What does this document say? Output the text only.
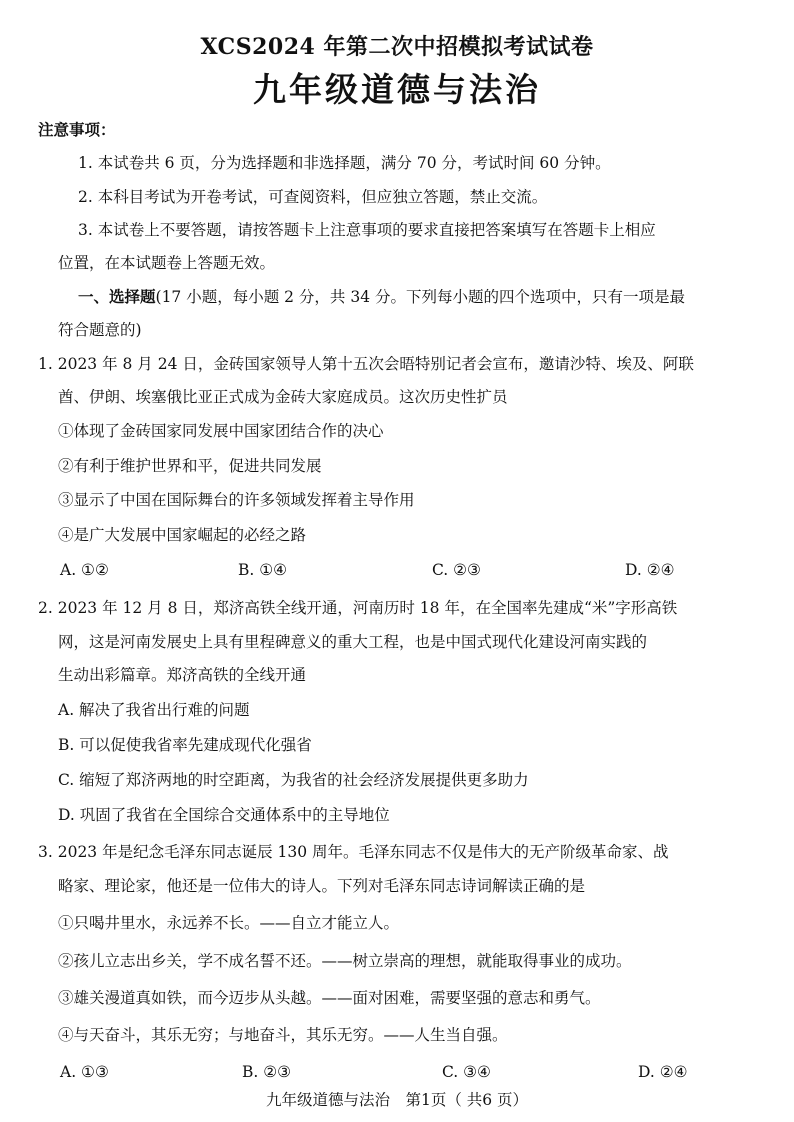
XCS2024 年第二次中招模拟考试试卷
九年级道德与法治
注意事项：
1. 本试卷共 6 页，分为选择题和非选择题，满分 70 分，考试时间 60 分钟。
2. 本科目考试为开卷考试，可查阅资料，但应独立答题，禁止交流。
3. 本试卷上不要答题，请按答题卡上注意事项的要求直接把答案填写在答题卡上相应
位置，在本试题卷上答题无效。
一、选择题(17 小题，每小题 2 分，共 34 分。下列每小题的四个选项中，只有一项是最
符合题意的)
1. 2023 年 8 月 24 日，金砖国家领导人第十五次会晤特别记者会宣布，邀请沙特、埃及、阿联
酋、伊朗、埃塞俄比亚正式成为金砖大家庭成员。这次历史性扩员
①体现了金砖国家同发展中国家团结合作的决心
②有利于维护世界和平，促进共同发展
③显示了中国在国际舞台的许多领域发挥着主导作用
④是广大发展中国家崛起的必经之路
A. ①②	B. ①④	C. ②③	D. ②④
2. 2023 年 12 月 8 日，郑济高铁全线开通，河南历时 18 年，在全国率先建成“米”字形高铁
网，这是河南发展史上具有里程碑意义的重大工程，也是中国式现代化建设河南实践的
生动出彩篇章。郑济高铁的全线开通
A. 解决了我省出行难的问题
B. 可以促使我省率先建成现代化强省
C. 缩短了郑济两地的时空距离，为我省的社会经济发展提供更多助力
D. 巩固了我省在全国综合交通体系中的主导地位
3. 2023 年是纪念毛泽东同志诞辰 130 周年。毛泽东同志不仅是伟大的无产阶级革命家、战
略家、理论家，他还是一位伟大的诗人。下列对毛泽东同志诗词解读正确的是
①只喝井里水，永远养不长。——自立才能立人。
②孩儿立志出乡关，学不成名誓不还。——树立崇高的理想，就能取得事业的成功。
③雄关漫道真如铁，而今迈步从头越。——面对困难，需要坚强的意志和勇气。
④与天奋斗，其乐无穷；与地奋斗，其乐无穷。——人生当自强。
A. ①③	B. ②③	C. ③④	D. ②④
九年级道德与法治　第1页（ 共6 页）
